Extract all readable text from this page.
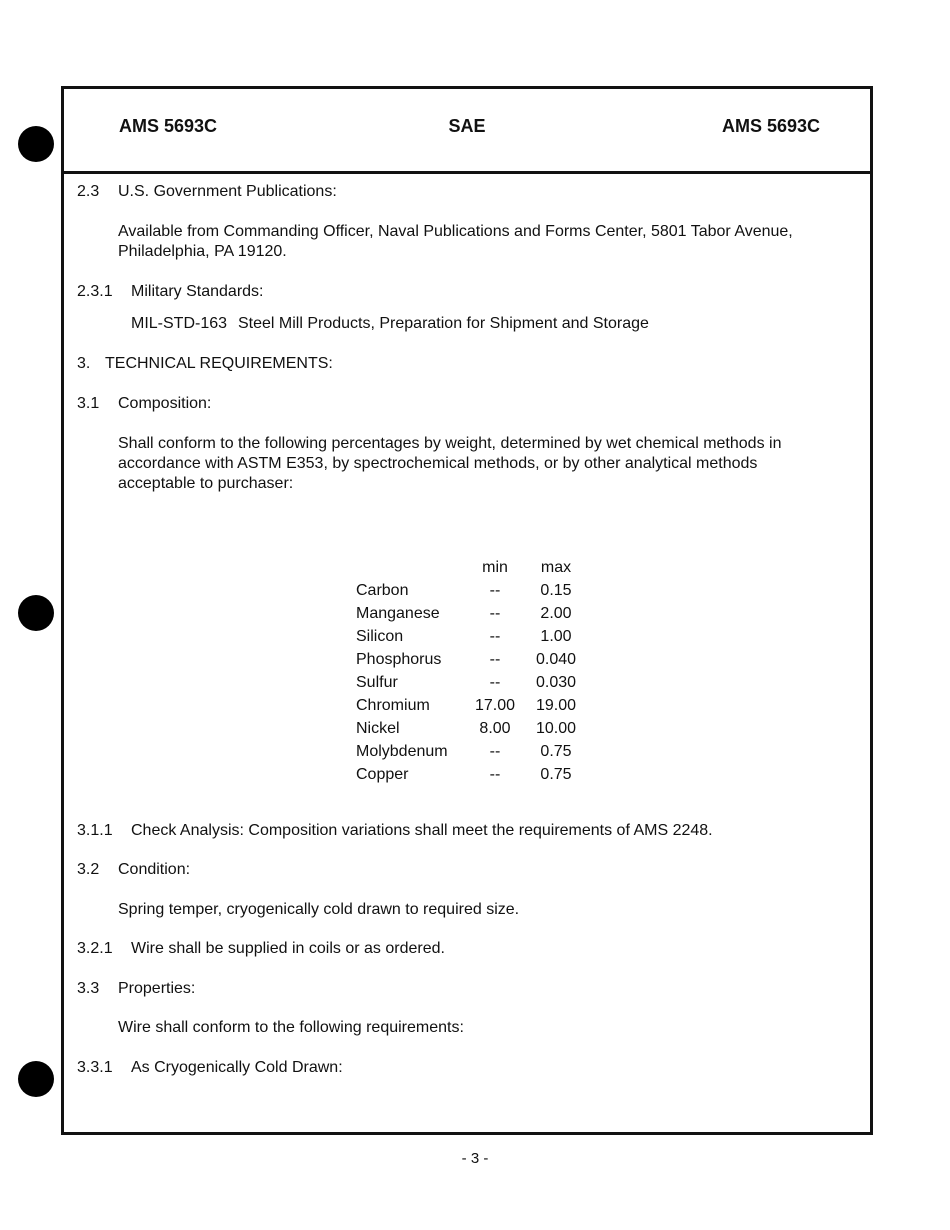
AMS 5693C	SAE	AMS 5693C
2.3 U.S. Government Publications:
Available from Commanding Officer, Naval Publications and Forms Center, 5801 Tabor Avenue, Philadelphia, PA 19120.
2.3.1 Military Standards:
MIL-STD-163 Steel Mill Products, Preparation for Shipment and Storage
3. TECHNICAL REQUIREMENTS:
3.1 Composition:
Shall conform to the following percentages by weight, determined by wet chemical methods in accordance with ASTM E353, by spectrochemical methods, or by other analytical methods acceptable to purchaser:
	min	max
Carbon	--	0.15
Manganese	--	2.00
Silicon	--	1.00
Phosphorus	--	0.040
Sulfur	--	0.030
Chromium	17.00	19.00
Nickel	8.00	10.00
Molybdenum	--	0.75
Copper	--	0.75
3.1.1 Check Analysis: Composition variations shall meet the requirements of AMS 2248.
3.2 Condition:
Spring temper, cryogenically cold drawn to required size.
3.2.1 Wire shall be supplied in coils or as ordered.
3.3 Properties:
Wire shall conform to the following requirements:
3.3.1 As Cryogenically Cold Drawn:
- 3 -
